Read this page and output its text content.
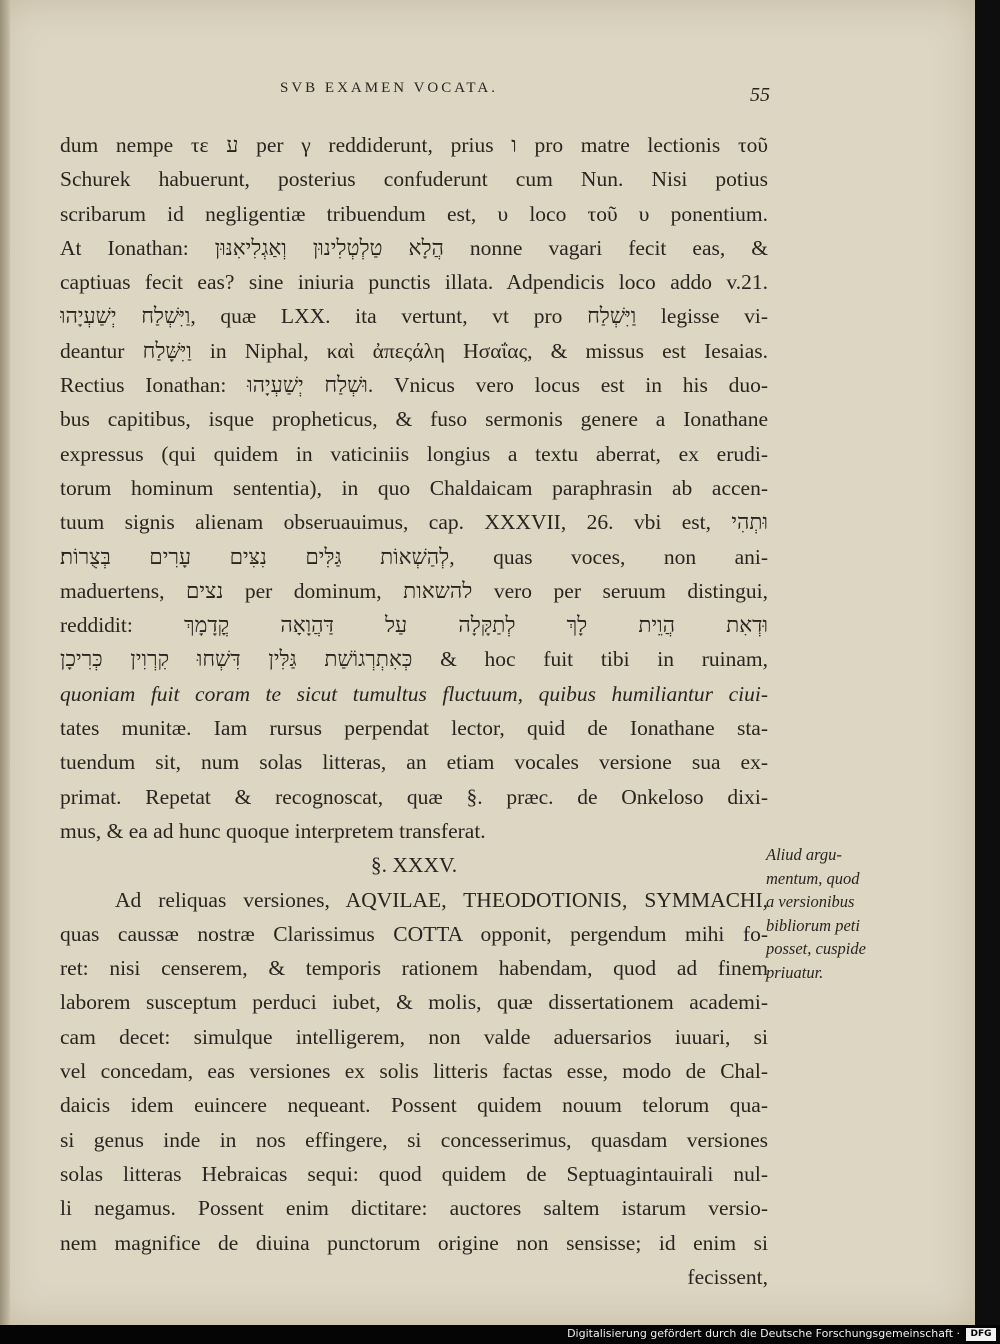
SVB EXAMEN VOCATA.	55
dum nempe τε ע per γ reddiderunt, prius ו pro matre lectionis τοῦ
Schurek habuerunt, posterius confuderunt cum Nun. Nisi potius
scribarum id negligentiæ tribuendum est, υ loco τοῦ υ ponentium.
At Ionathan: הֲלָא טַלְטְלִינוּן וְאַגְלִיאִנּוּן nonne vagari fecit eas, &
captiuas fecit eas? sine iniuria punctis illata. Adpendicis loco addo v.21.
וַיִּשְׁלַח יְשַׁעְיָהוּ, quæ LXX. ita vertunt, vt pro וַיִּשְׁלַח legisse vi-
deantur וַיִּשָּׁלַח in Niphal, καὶ ἀπεςάλη Ησαΐας, & missus est Iesaias.
Rectius Ionathan: וּשְׁלַח יְשַׁעְיָהוּ. Vnicus vero locus est in his duo-
bus capitibus, isque propheticus, & fuso sermonis genere a Ionathane
expressus (qui quidem in vaticiniis longius a textu aberrat, ex erudi-
torum hominum sententia), in quo Chaldaicam paraphrasin ab accen-
tuum signis alienam obseruauimus, cap. XXXVII, 26. vbi est, וּתְהִי
לְהַשְׁאוֹת גַּלִּים נִצִּים עָרִים בְּצֻרוֹת׃, quas voces, non ani-
maduertens, נצים per dominum, להשאות vero per seruum distingui,
reddidit: וּדְאִת הֲוֵית לָךְ לְתַקָּלָה עַל דַּהֲוָאָה קֳדָמָךְ
כְּאִתְרְגוֹשַׁת גַּלִּין דִּשְׁחוּ קִרְוִין כְּרִיכָן & hoc fuit tibi in ruinam,
quoniam fuit coram te sicut tumultus fluctuum, quibus humiliantur ciui-
tates munitæ. Iam rursus perpendat lector, quid de Ionathane sta-
tuendum sit, num solas litteras, an etiam vocales versione sua ex-
primat. Repetat & recognoscat, quæ §. præc. de Onkeloso dixi-
mus, & ea ad hunc quoque interpretem transferat.
§. XXXV.
Ad reliquas versiones, AQVILAE, THEODOTIONIS, SYMMACHI,
quas caussæ nostræ Clarissimus COTTA opponit, pergendum mihi fo-
ret: nisi censerem, & temporis rationem habendam, quod ad finem
laborem susceptum perduci iubet, & molis, quæ dissertationem academi-
cam decet: simulque intelligerem, non valde aduersarios iuuari, si
vel concedam, eas versiones ex solis litteris factas esse, modo de Chal-
daicis idem euincere nequeant. Possent quidem nouum telorum qua-
si genus inde in nos effingere, si concesserimus, quasdam versiones
solas litteras Hebraicas sequi: quod quidem de Septuagintauirali nul-
li negamus. Possent enim dictitare: auctores saltem istarum versio-
nem magnifice de diuina punctorum origine non sensisse; id enim si
fecissent,
Aliud argu-
mentum, quod
a versionibus
bibliorum peti
posset, cuspide
priuatur.
Digitalisierung gefördert durch die Deutsche Forschungsgemeinschaft ·	DFG
